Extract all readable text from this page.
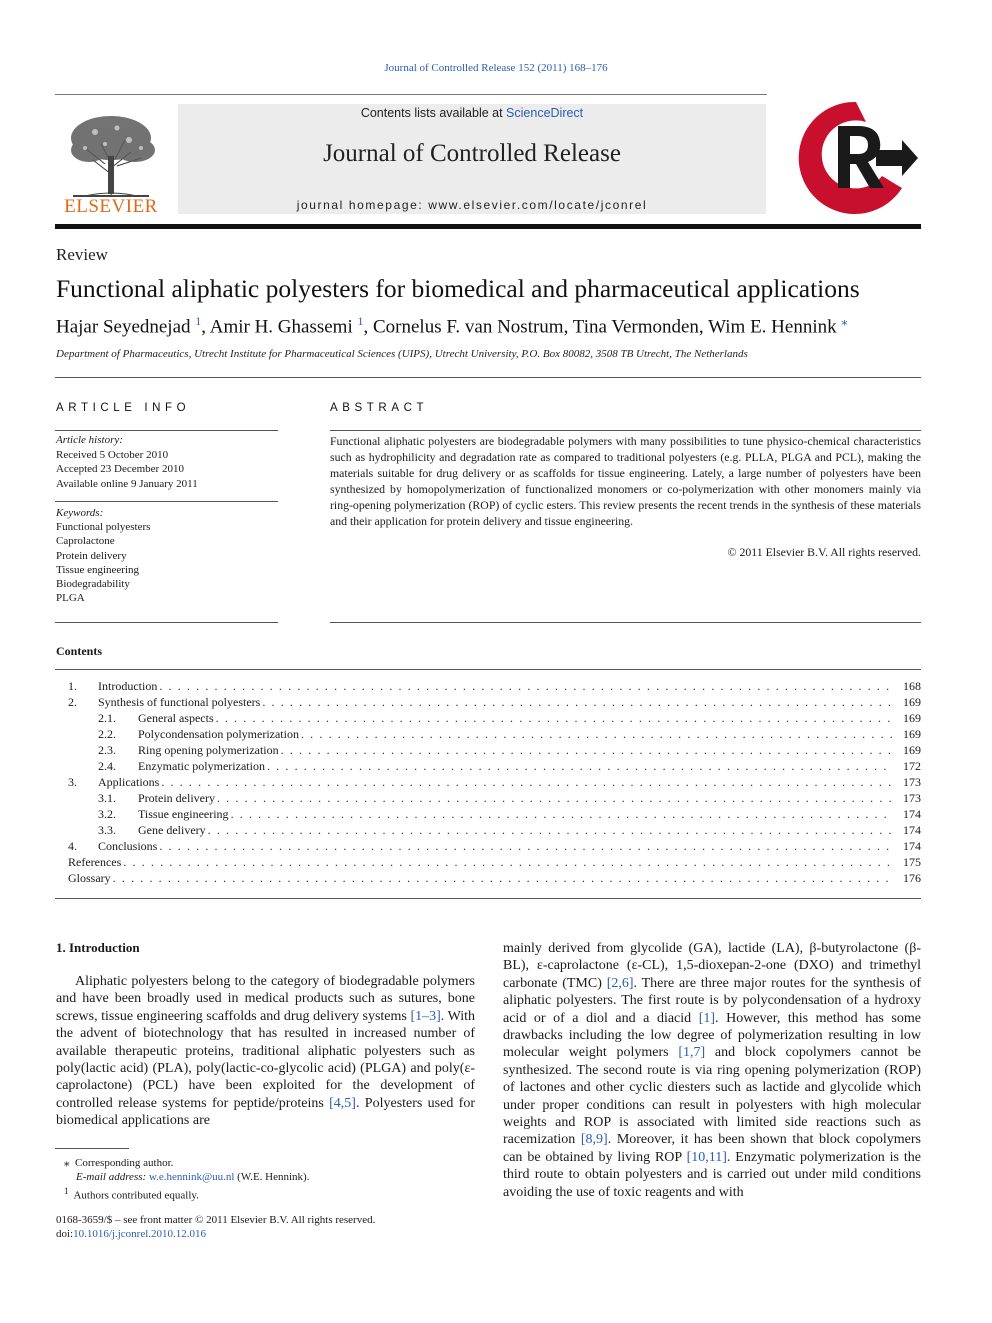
Journal of Controlled Release 152 (2011) 168–176
ELSEVIER
Contents lists available at ScienceDirect
Journal of Controlled Release
journal homepage: www.elsevier.com/locate/jconrel
Review
Functional aliphatic polyesters for biomedical and pharmaceutical applications
Hajar Seyednejad $^1$, Amir H. Ghassemi $^1$, Cornelus F. van Nostrum, Tina Vermonden, Wim E. Hennink ⁎
Department of Pharmaceutics, Utrecht Institute for Pharmaceutical Sciences (UIPS), Utrecht University, P.O. Box 80082, 3508 TB Utrecht, The Netherlands
ARTICLE INFO
Article history:
Received 5 October 2010
Accepted 23 December 2010
Available online 9 January 2011
Keywords:
Functional polyesters
Caprolactone
Protein delivery
Tissue engineering
Biodegradability
PLGA
ABSTRACT
Functional aliphatic polyesters are biodegradable polymers with many possibilities to tune physico-chemical characteristics such as hydrophilicity and degradation rate as compared to traditional polyesters (e.g. PLLA, PLGA and PCL), making the materials suitable for drug delivery or as scaffolds for tissue engineering. Lately, a large number of polyesters have been synthesized by homopolymerization of functionalized monomers or co-polymerization with other monomers mainly via ring-opening polymerization (ROP) of cyclic esters. This review presents the recent trends in the synthesis of these materials and their application for protein delivery and tissue engineering.
© 2011 Elsevier B.V. All rights reserved.
Contents
1.	Introduction . . .	168
2.	Synthesis of functional polyesters . . .	169
2.1.	General aspects . . .	169
2.2.	Polycondensation polymerization . . .	169
2.3.	Ring opening polymerization . . .	169
2.4.	Enzymatic polymerization . . .	172
3.	Applications . . .	173
3.1.	Protein delivery . . .	173
3.2.	Tissue engineering . . .	174
3.3.	Gene delivery . . .	174
4.	Conclusions . . .	174
References . . .	175
Glossary . . .	176
1. Introduction
Aliphatic polyesters belong to the category of biodegradable polymers and have been broadly used in medical products such as sutures, bone screws, tissue engineering scaffolds and drug delivery systems [1–3]. With the advent of biotechnology that has resulted in increased number of available therapeutic proteins, traditional aliphatic polyesters such as poly(lactic acid) (PLA), poly(lactic-co-glycolic acid) (PLGA) and poly(ε-caprolactone) (PCL) have been exploited for the development of controlled release systems for peptide/proteins [4,5]. Polyesters used for biomedical applications are
mainly derived from glycolide (GA), lactide (LA), β-butyrolactone (β-BL), ε-caprolactone (ε-CL), 1,5-dioxepan-2-one (DXO) and trimethyl carbonate (TMC) [2,6]. There are three major routes for the synthesis of aliphatic polyesters. The first route is by polycondensation of a hydroxy acid or of a diol and a diacid [1]. However, this method has some drawbacks including the low degree of polymerization resulting in low molecular weight polymers [1,7] and block copolymers cannot be synthesized. The second route is via ring opening polymerization (ROP) of lactones and other cyclic diesters such as lactide and glycolide which under proper conditions can result in polyesters with high molecular weights and ROP is associated with limited side reactions such as racemization [8,9]. Moreover, it has been shown that block copolymers can be obtained by living ROP [10,11]. Enzymatic polymerization is the third route to obtain polyesters and is carried out under mild conditions avoiding the use of toxic reagents and with
⁎ Corresponding author.
E-mail address: w.e.hennink@uu.nl (W.E. Hennink).
$^1$ Authors contributed equally.
0168-3659/$ – see front matter © 2011 Elsevier B.V. All rights reserved.
doi:10.1016/j.jconrel.2010.12.016
